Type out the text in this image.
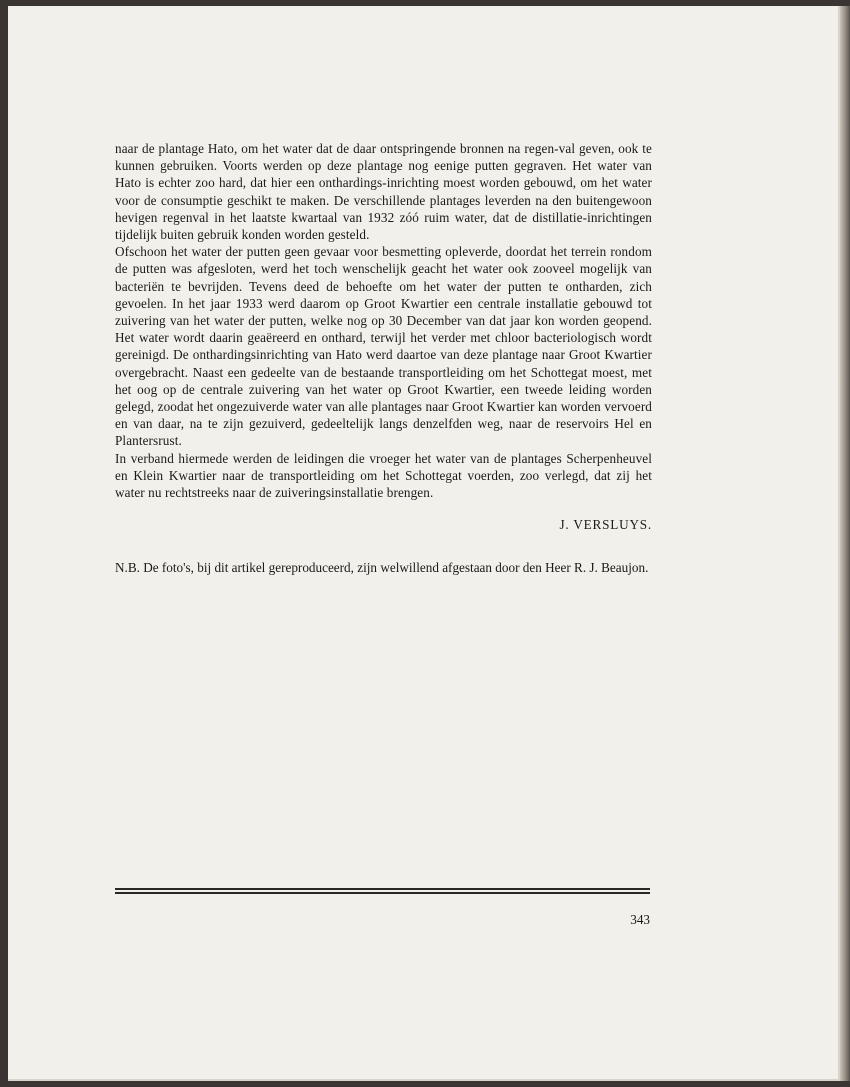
naar de plantage Hato, om het water dat de daar ontspringende bronnen na regen-val geven, ook te kunnen gebruiken. Voorts werden op deze plantage nog eenige putten gegraven. Het water van Hato is echter zoo hard, dat hier een onthardings-inrichting moest worden gebouwd, om het water voor de consumptie geschikt te maken. De verschillende plantages leverden na den buitengewoon hevigen regenval in het laatste kwartaal van 1932 zóó ruim water, dat de distillatie-inrichtingen tijdelijk buiten gebruik konden worden gesteld.

Ofschoon het water der putten geen gevaar voor besmetting opleverde, doordat het terrein rondom de putten was afgesloten, werd het toch wenschelijk geacht het water ook zooveel mogelijk van bacteriën te bevrijden. Tevens deed de behoefte om het water der putten te ontharden, zich gevoelen. In het jaar 1933 werd daarom op Groot Kwartier een centrale installatie gebouwd tot zuivering van het water der putten, welke nog op 30 December van dat jaar kon worden geopend. Het water wordt daarin geaëreerd en onthard, terwijl het verder met chloor bacteriologisch wordt gereinigd. De onthardingsinrichting van Hato werd daartoe van deze plantage naar Groot Kwartier overgebracht. Naast een gedeelte van de bestaande transportleiding om het Schottegat moest, met het oog op de centrale zuivering van het water op Groot Kwartier, een tweede leiding worden gelegd, zoodat het ongezuiverde water van alle plantages naar Groot Kwartier kan worden vervoerd en van daar, na te zijn gezuiverd, gedeeltelijk langs denzelfden weg, naar de reservoirs Hel en Plantersrust.

In verband hiermede werden de leidingen die vroeger het water van de plantages Scherpenheuvel en Klein Kwartier naar de transportleiding om het Schottegat voerden, zoo verlegd, dat zij het water nu rechtstreeks naar de zuiveringsinstallatie brengen.

J. VERSLUYS.

N.B. De foto's, bij dit artikel gereproduceerd, zijn welwillend afgestaan door den Heer R. J. Beaujon.

343
